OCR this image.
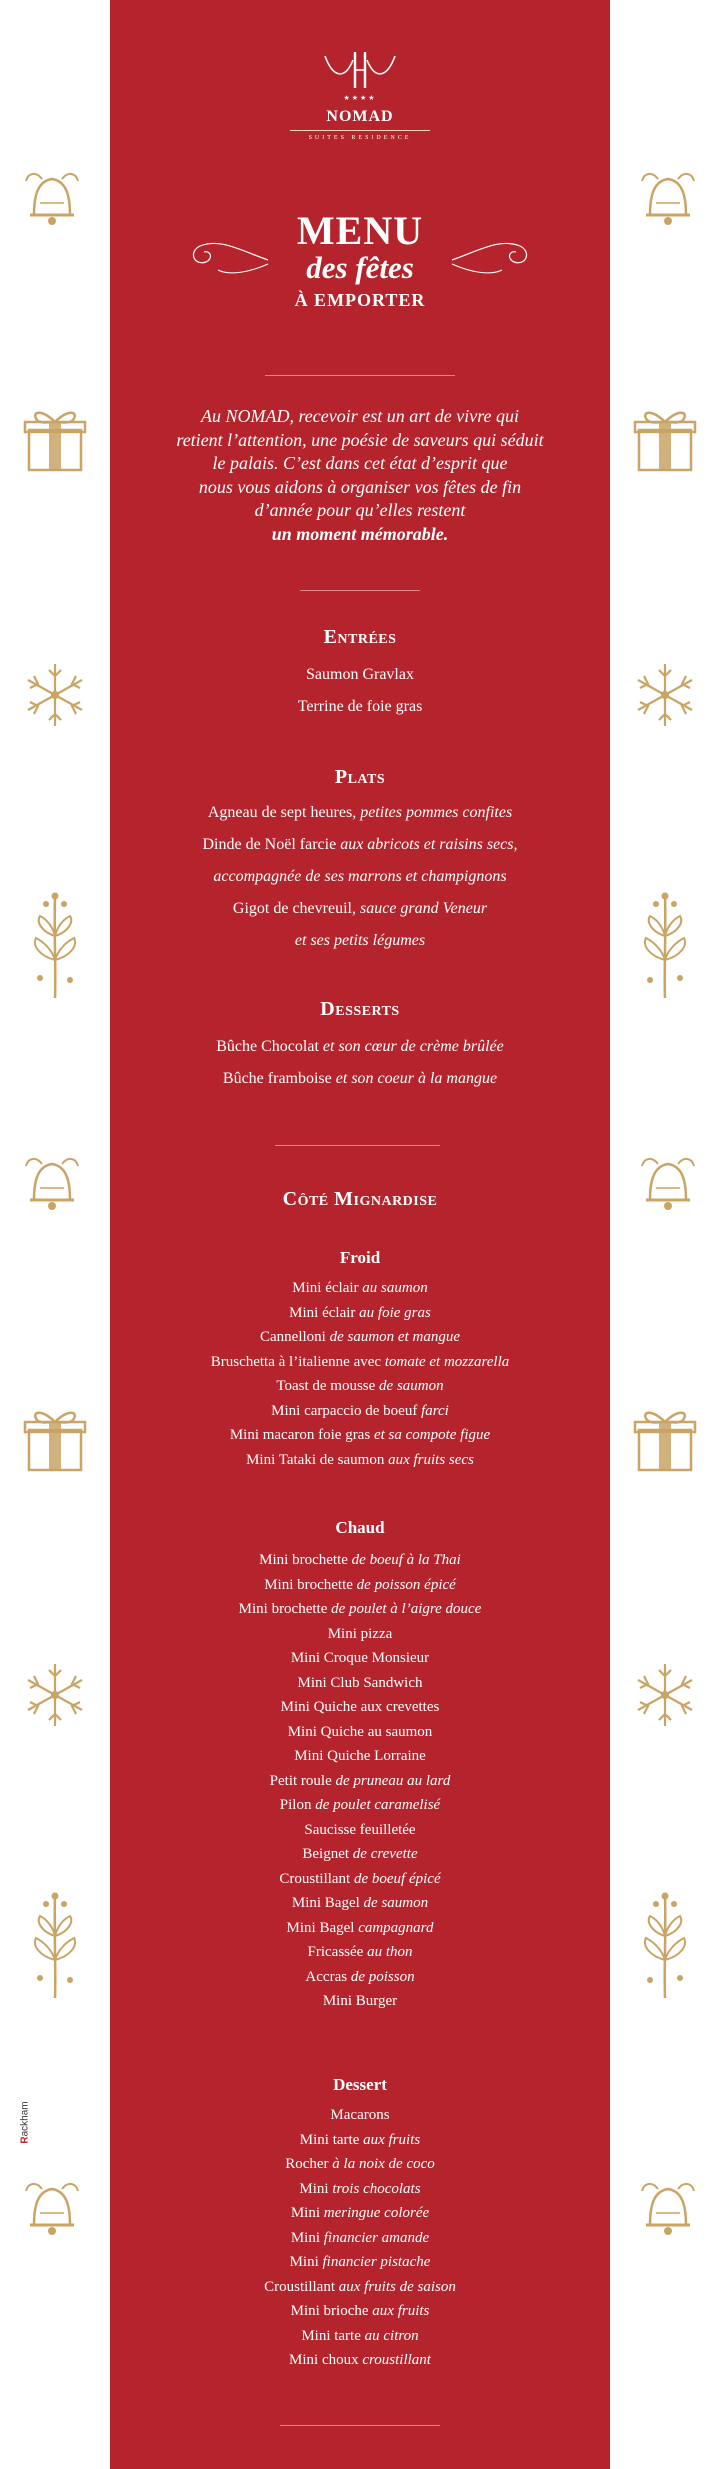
★★★★
NOMAD
SUITES RESIDENCE
MENU
des fêtes
À EMPORTER
Au NOMAD, recevoir est un art de vivre qui
retient l’attention, une poésie de saveurs qui séduit
le palais. C’est dans cet état d’esprit que
nous vous aidons à organiser vos fêtes de fin
d’année pour qu’elles restent
un moment mémorable.
Entrées
Saumon Gravlax
Terrine de foie gras
Plats
Agneau de sept heures, petites pommes confites
Dinde de Noël farcie aux abricots et raisins secs,
accompagnée de ses marrons et champignons
Gigot de chevreuil, sauce grand Veneur
et ses petits légumes
Desserts
Bûche Chocolat et son cœur de crème brûlée
Bûche framboise et son coeur à la mangue
Côté Mignardise
Froid
Mini éclair au saumon
Mini éclair au foie gras
Cannelloni de saumon et mangue
Bruschetta à l’italienne avec tomate et mozzarella
Toast de mousse de saumon
Mini carpaccio de boeuf farci
Mini macaron foie gras et sa compote figue
Mini Tataki de saumon aux fruits secs
Chaud
Mini brochette de boeuf à la Thai
Mini brochette de poisson épicé
Mini brochette de poulet à l’aigre douce
Mini pizza
Mini Croque Monsieur
Mini Club Sandwich
Mini Quiche aux crevettes
Mini Quiche au saumon
Mini Quiche Lorraine
Petit roule de pruneau au lard
Pilon de poulet caramelisé
Saucisse feuilletée
Beignet de crevette
Croustillant de boeuf épicé
Mini Bagel de saumon
Mini Bagel campagnard
Fricassée au thon
Accras de poisson
Mini Burger
Dessert
Macarons
Mini tarte aux fruits
Rocher à la noix de coco
Mini trois chocolats
Mini meringue colorée
Mini financier amande
Mini financier pistache
Croustillant aux fruits de saison
Mini brioche aux fruits
Mini tarte au citron
Mini choux croustillant
Rackham
